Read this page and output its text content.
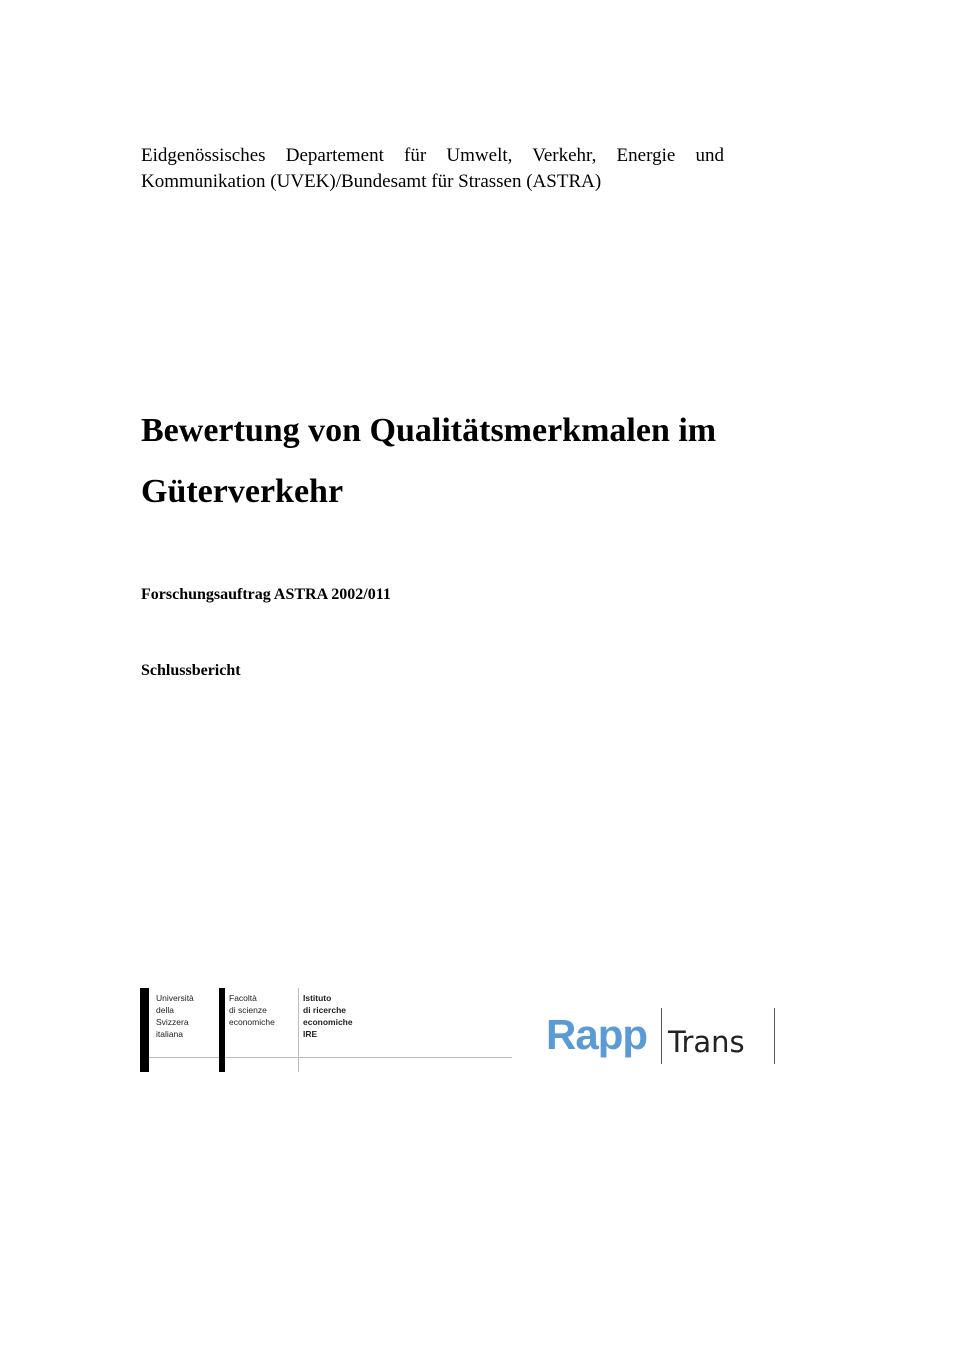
Eidgenössisches Departement für Umwelt, Verkehr, Energie und Kommunikation (UVEK)/Bundesamt für Strassen (ASTRA)
Bewertung von Qualitätsmerkmalen im
Güterverkehr
Forschungsauftrag ASTRA 2002/011
Schlussbericht
Università
della
Svizzera
italiana
Facoltà
di scienze
economiche
Istituto
di ricerche
economiche
IRE	Rapp Trans
